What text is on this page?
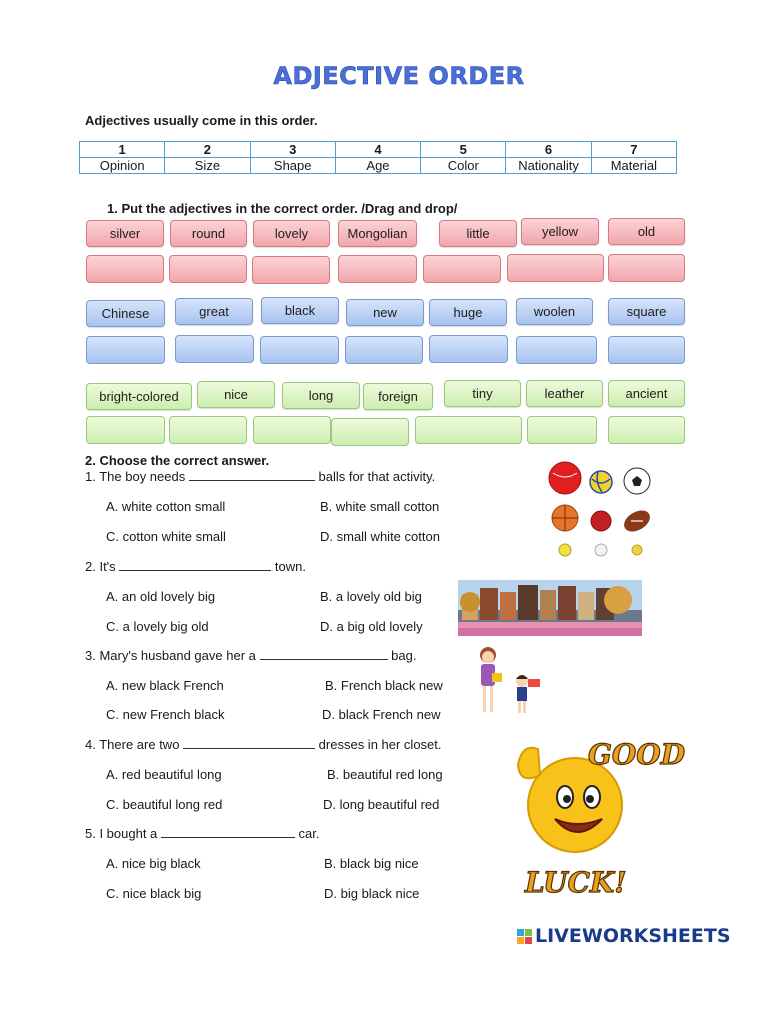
ADJECTIVE ORDER
Adjectives usually come in this order.
1	2	3	4	5	6	7
Opinion	Size	Shape	Age	Color	Nationality	Material
1. Put the adjectives in the correct order. /Drag and drop/
silver	round	lovely	Mongolian	little	yellow	old
Chinese	great	black	new	huge	woolen	square
bright-colored	nice	long	foreign	tiny	leather	ancient
2. Choose the correct answer.
1. The boy needs	balls for that activity.
A. white cotton small	B. white small cotton
C. cotton white small	D. small white cotton
2. It's	town.
A. an old lovely big	B. a lovely old big
C. a lovely big old	D. a big old lovely
3. Mary's husband gave her a	bag.
A. new black French	B. French black new
C. new French black	D. black French new
4. There are two	dresses in her closet.
A. red beautiful long	B. beautiful red long
C. beautiful long red	D. long beautiful red
5. I bought a	car.
A. nice big black	B. black big nice
C. nice black big	D. big black nice
GOOD
LUCK!
LIVEWORKSHEETS
